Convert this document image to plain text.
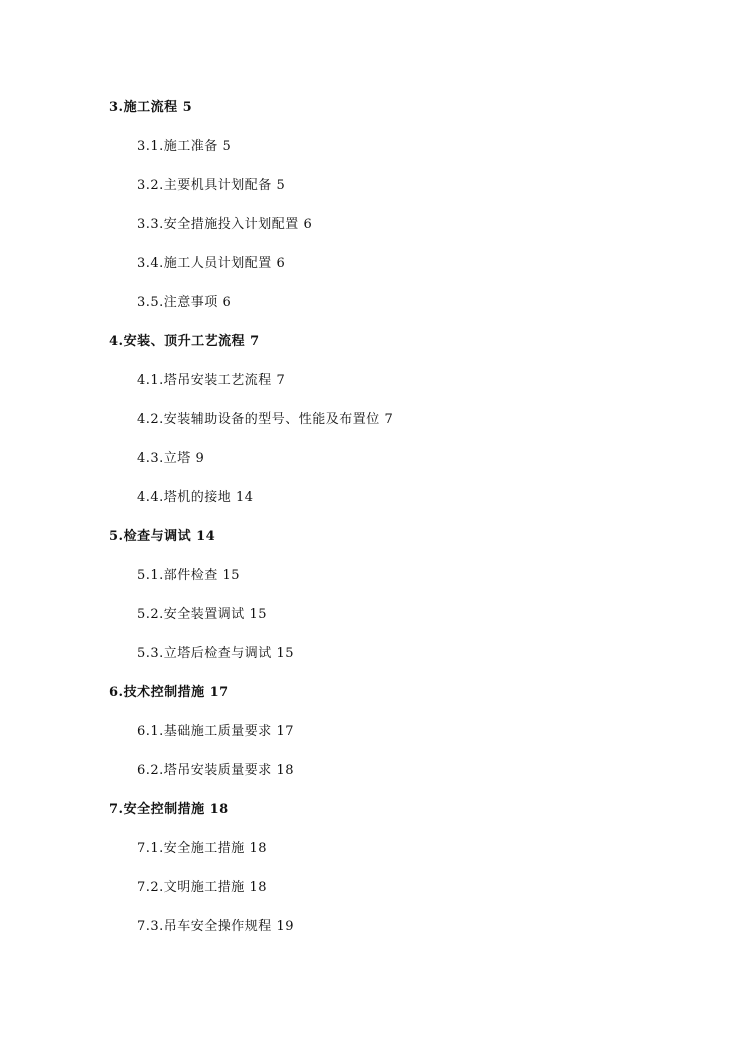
3.施工流程 5
3.1.施工准备 5
3.2.主要机具计划配备 5
3.3.安全措施投入计划配置 6
3.4.施工人员计划配置 6
3.5.注意事项 6
4.安装、顶升工艺流程 7
4.1.塔吊安装工艺流程 7
4.2.安装辅助设备的型号、性能及布置位 7
4.3.立塔 9
4.4.塔机的接地 14
5.检查与调试 14
5.1.部件检查 15
5.2.安全装置调试 15
5.3.立塔后检查与调试 15
6.技术控制措施 17
6.1.基础施工质量要求 17
6.2.塔吊安装质量要求 18
7.安全控制措施 18
7.1.安全施工措施 18
7.2.文明施工措施 18
7.3.吊车安全操作规程 19
